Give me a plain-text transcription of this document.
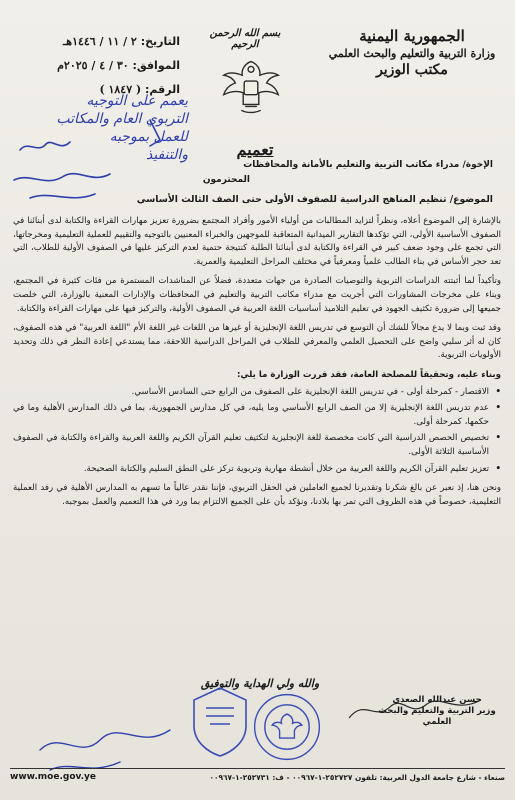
الجمهورية اليمنية
وزارة التربية والتعليم والبحث العلمي
مكتب الوزير
بسم الله الرحمن الرحيم
التاريخ: ٢ / ١١ / ١٤٤٦هـ
الموافق: ٣٠ / ٤ / ٢٠٢٥م
الرقم: ( ١٨٤٧ )
يعمم على التوجيه
التربوي العام والمكاتب
للعمل بموجبه
والتنفيذ	تعميم
الإخوة/ مدراء مكاتب التربية والتعليم بالأمانة والمحافظات
المحترمون
الموضوع/ تنظيم المناهج الدراسية للصفوف الأولى حتى الصف الثالث الأساسي

بالإشارة إلى الموضوع أعلاه، ونظراً لتزايد المطالبات من أولياء الأمور وأفراد المجتمع بضرورة تعزيز مهارات القراءة والكتابة لدى أبنائنا في الصفوف الأساسية الأولى، التي تؤكدها التقارير الميدانية المتعاقبة للموجهين والخبراء المعنيين بالتوجيه والتقييم للعملية التعليمية ومخرجاتها، التي تجمع على وجود ضعف كبير في القراءة والكتابة لدى أبنائنا الطلبة كنتيجة حتمية لعدم التركيز عليها في الصفوف الأولية للطلاب، التي تعد حجر الأساس في بناء الطالب علمياً ومعرفياً في مختلف المراحل التعليمية والعمرية.

وتأكيداً لما أثبتته الدراسات التربوية والتوصيات الصادرة من جهات متعددة، فضلاً عن المناشدات المستمرة من فئات كثيرة في المجتمع، وبناء على مخرجات المشاورات التي أجريت مع مدراء مكاتب التربية والتعليم في المحافظات والإدارات المعنية بالوزارة، التي خلصت جميعها إلى ضرورة تكثيف الجهود في تعليم التلاميذ أساسيات اللغة العربية في الصفوف الأولية، والتركيز فيها على مهارات القراءة والكتابة.

وقد ثبت وبما لا يدع مجالاً للشك أن التوسع في تدريس اللغة الإنجليزية أو غيرها من اللغات غير اللغة الأم "اللغة العربية" في هذه الصفوف، كان له أثر سلبي واضح على التحصيل العلمي والمعرفي للطلاب في المراحل الدراسية اللاحقة، مما يستدعي إعادة النظر في ذلك وتحديد الأولويات التربوية.

وبناء عليه، وتحقيقاً للمصلحة العامة، فقد قررت الوزارة ما يلي:
•
الاقتصار - كمرحلة أولى - في تدريس اللغة الإنجليزية على الصفوف من الرابع حتى السادس الأساسي.
•
عدم تدريس اللغة الإنجليزية إلا من الصف الرابع الأساسي وما يليه، في كل مدارس الجمهورية، بما في ذلك المدارس الأهلية وما في حكمها، كمرحلة أولى.
•
تخصيص الحصص الدراسية التي كانت مخصصة للغة الإنجليزية لتكثيف تعليم القرآن الكريم واللغة العربية والقراءة والكتابة في الصفوف الأساسية الثلاثة الأولى.
•
تعزيز تعليم القرآن الكريم واللغة العربية من خلال أنشطة مهارية وتربوية تركز على النطق السليم والكتابة الصحيحة.

ونحن هنا، إذ نعبر عن بالغ شكرنا وتقديرنا لجميع العاملين في الحقل التربوي، فإننا نقدر عالياً ما تسهم به المدارس الأهلية في رفد العملية التعليمية، خصوصاً في هذه الظروف التي تمر بها بلادنا، ونؤكد بأن على الجميع الالتزام بما ورد في هذا التعميم والعمل بموجبه.

والله ولي الهداية والتوفيق
حسن عبدالله الصعدي
وزير التربية والتعليم والبحث العلمي
www.moe.gov.ye	صنعاء - شارع جامعة الدول العربية: تلفون ٢٥٢٧٢٧-١-٠٠٩٦٧ - ف: ٢٥٢٧٣١-١-٠٠٩٦٧
